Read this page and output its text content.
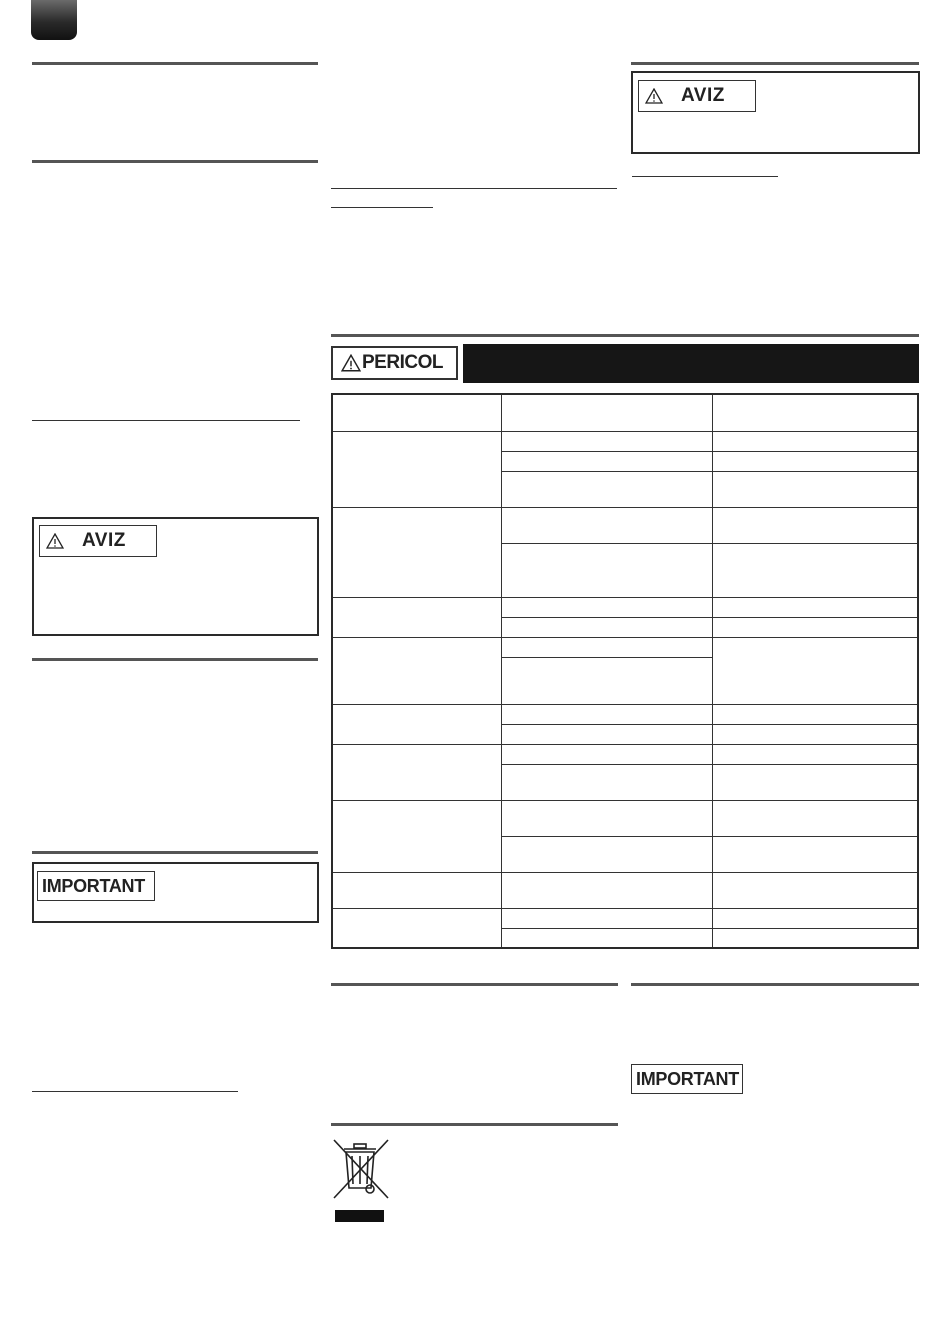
AVIZ
IMPORTANT
AVIZ
PERICOL

IMPORTANT
